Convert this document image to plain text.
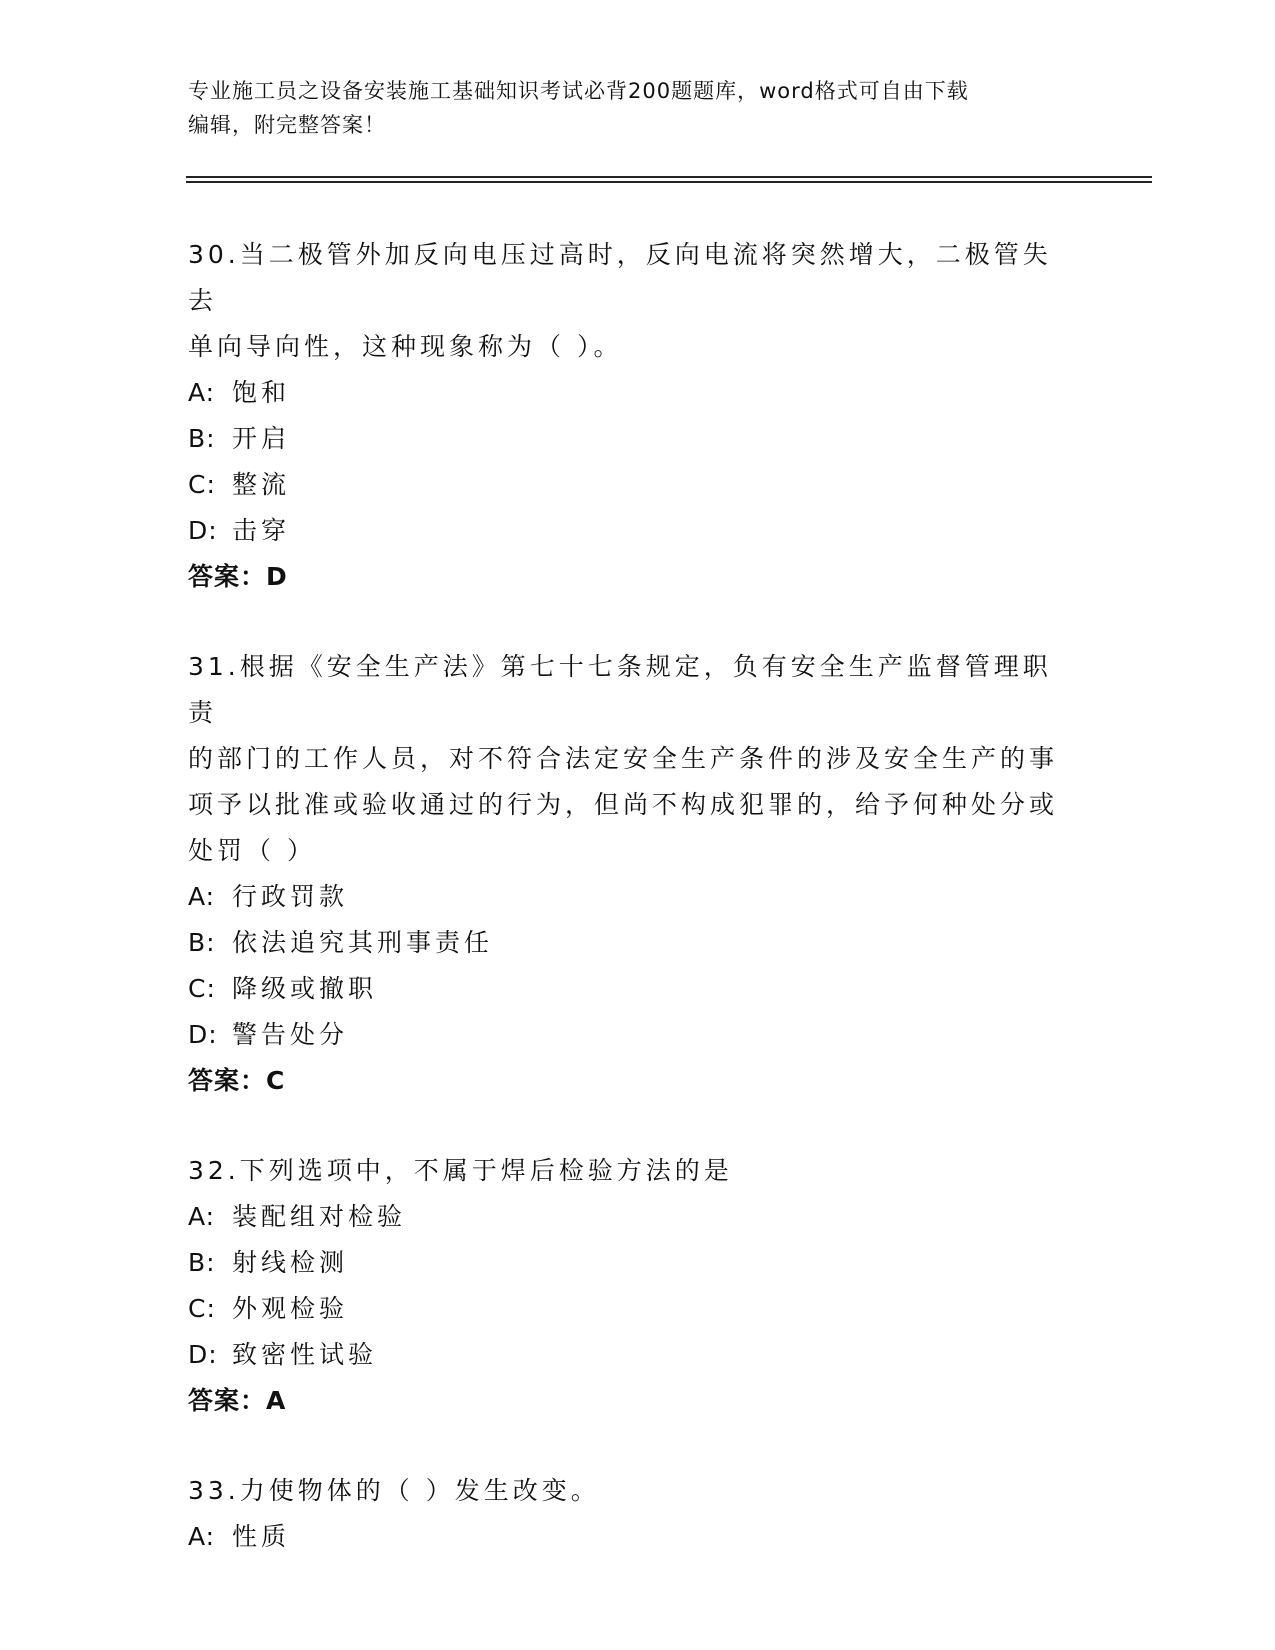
专业施工员之设备安装施工基础知识考试必背200题题库，word格式可自由下载
编辑，附完整答案！
30.当二极管外加反向电压过高时，反向电流将突然增大，二极管失去
单向导向性，这种现象称为（ ）。
A: 饱和
B: 开启
C: 整流
D: 击穿
答案：D
31.根据《安全生产法》第七十七条规定，负有安全生产监督管理职责
的部门的工作人员，对不符合法定安全生产条件的涉及安全生产的事
项予以批准或验收通过的行为，但尚不构成犯罪的，给予何种处分或
处罚（ ）
A: 行政罚款
B: 依法追究其刑事责任
C: 降级或撤职
D: 警告处分
答案：C
32.下列选项中，不属于焊后检验方法的是
A: 装配组对检验
B: 射线检测
C: 外观检验
D: 致密性试验
答案：A
33.力使物体的（ ）发生改变。
A: 性质
